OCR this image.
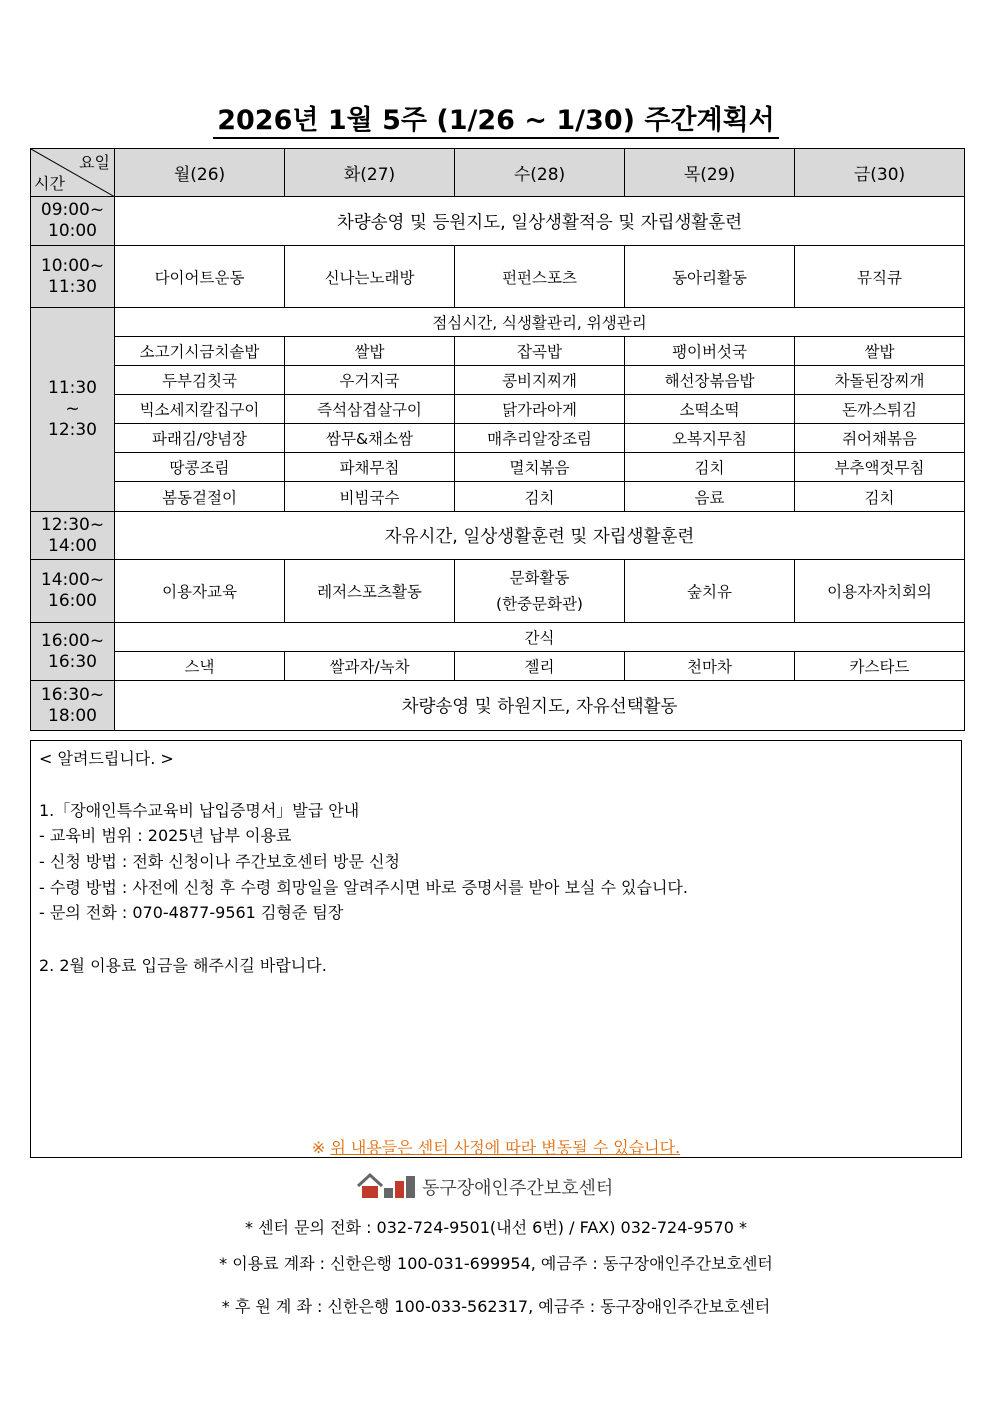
2026년 1월 5주 (1/26 ~ 1/30) 주간계획서
요일
시간	월(26)	화(27)	수(28)	목(29)	금(30)
09:00~
10:00	차량송영 및 등원지도, 일상생활적응 및 자립생활훈련				
10:00~
11:30	다이어트운동	신나는노래방	펀펀스포츠	동아리활동	뮤직큐
11:30
~
12:30	점심시간, 식생활관리, 위생관리				
	소고기시금치솥밥	쌀밥	잡곡밥	팽이버섯국	쌀밥
	두부김칫국	우거지국	콩비지찌개	해선장볶음밥	차돌된장찌개
	빅소세지칼집구이	즉석삼겹살구이	닭가라아게	소떡소떡	돈까스튀김
	파래김/양념장	쌈무&채소쌈	매추리알장조림	오복지무침	쥐어채볶음
	땅콩조림	파채무침	멸치볶음	김치	부추액젓무침
	봄동겉절이	비빔국수	김치	음료	김치
12:30~
14:00	자유시간, 일상생활훈련 및 자립생활훈련				
14:00~
16:00	이용자교육	레저스포츠활동	문화활동
(한중문화관)	숲치유	이용자자치회의
16:00~
16:30	간식				
	스낵	쌀과자/녹차	젤리	천마차	카스타드
16:30~
18:00	차량송영 및 하원지도, 자유선택활동				
< 알려드립니다. >
1.「장애인특수교육비 납입증명서」발급 안내
- 교육비 범위 : 2025년 납부 이용료
- 신청 방법 : 전화 신청이나 주간보호센터 방문 신청
- 수령 방법 : 사전에 신청 후 수령 희망일을 알려주시면 바로 증명서를 받아 보실 수 있습니다.
- 문의 전화 : 070-4877-9561 김형준 팀장
2. 2월 이용료 입금을 해주시길 바랍니다.
※ 위 내용들은 센터 사정에 따라 변동될 수 있습니다.
동구장애인주간보호센터
* 센터 문의 전화 : 032-724-9501(내선 6번) / FAX) 032-724-9570 *
* 이용료 계좌 : 신한은행 100-031-699954, 예금주 : 동구장애인주간보호센터
* 후 원 계 좌 : 신한은행 100-033-562317, 예금주 : 동구장애인주간보호센터
